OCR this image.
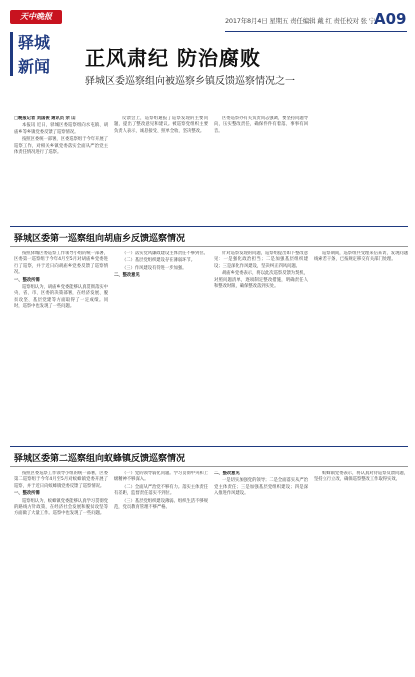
天中晚报
驿城
新闻
2017年8月4日 星期五 责任编辑 戴 红 责任校对 张 宁
A09
正风肃纪 防治腐败
驿城区委巡察组向被巡察乡镇反馈巡察情况之一

□晚报记者 刘国俊 通讯员 余 山

本报讯 近日，驿城区委巡察组向水屯镇、胡庙乡等乡镇党委反馈了巡察情况。

按照区委统一部署，区委巡察组于今年开展了巡察工作，对相关乡镇党委落实全面从严治党主体责任情况进行了巡察。

反馈会上，巡察组通报了巡察发现的主要问题，提出了整改意见和建议。被巡察党组织主要负责人表示，诚恳接受、照单全收、坚决整改。

区委巡察办有关负责同志强调，要坚持问题导向，压实整改责任，确保件件有着落、事事有回音。

驿城区委第一巡察组向胡庙乡反馈巡察情况

按照驿城区委巡察工作领导小组的统一部署，区委第一巡察组于今年4月至5月对胡庙乡党委进行了巡察，并于近日向胡庙乡党委反馈了巡察情况。

一、整改所需

巡察组认为，胡庙乡党委能够认真贯彻落实中央、省、市、区委的决策部署，在经济发展、脱贫攻坚、基层党建等方面取得了一定成绩。同时，巡察中也发现了一些问题。

（一）落实党风廉政建设主体责任不够到位。

（二）基层党组织建设存在薄弱环节。

（三）作风建设有待进一步加强。

二、整改意见

针对巡察发现的问题，巡察组提出如下整改意见：一是强化政治担当；二是加强基层组织建设；三是深化作风建设，坚决纠正四风问题。

胡庙乡党委表示，将以此次巡察反馈为契机，对照问题清单，逐项制定整改措施，明确责任人和整改时限，确保整改落到实处。

巡察期间，巡察组共受理来信来访，发现问题线索若干条，已按规定移交有关部门处理。

驿城区委第二巡察组向蚁蜂镇反馈巡察情况

按照区委巡察工作领导小组的统一部署，区委第二巡察组于今年4月至5月对蚁蜂镇党委开展了巡察，并于近日向蚁蜂镇党委反馈了巡察情况。

一、整改所需

巡察组认为，蚁蜂镇党委能够认真学习贯彻党的路线方针政策，在经济社会发展和脱贫攻坚等方面做了大量工作。巡察中也发现了一些问题。

（一）党的领导弱化问题。学习贯彻中央和上级精神不够深入。

（二）全面从严治党不够有力。落实主体责任有差距，监督责任落实不到位。

（三）基层党组织建设薄弱。组织生活不够规范，党员教育管理不够严格。

二、整改意见

一是切实加强党的领导；二是全面落实从严治党主体责任；三是加强基层党组织建设；四是深入推进作风建设。

蚁蜂镇党委表示，将认真对待巡察反馈问题，坚持立行立改，确保巡察整改工作取得实效。
